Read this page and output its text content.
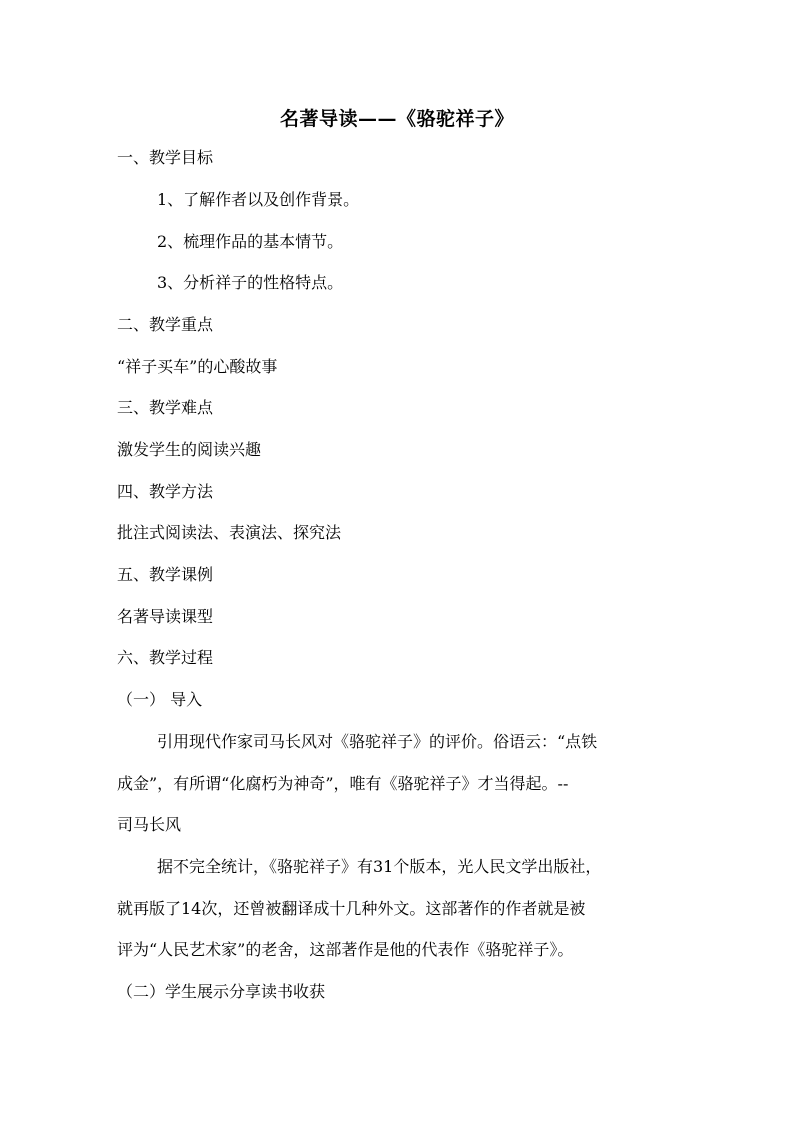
名著导读——《骆驼祥子》
一、教学目标
1、了解作者以及创作背景。
2、梳理作品的基本情节。
3、分析祥子的性格特点。
二、教学重点
“祥子买车”的心酸故事
三、教学难点
激发学生的阅读兴趣
四、教学方法
批注式阅读法、表演法、探究法
五、教学课例
名著导读课型
六、教学过程
（一） 导入
引用现代作家司马长风对《骆驼祥子》的评价。俗语云：“点铁
成金”，有所谓“化腐朽为神奇”，唯有《骆驼祥子》才当得起。--
司马长风
据不完全统计，《骆驼祥子》有31个版本，光人民文学出版社，
就再版了14次，还曾被翻译成十几种外文。这部著作的作者就是被
评为“人民艺术家”的老舍，这部著作是他的代表作《骆驼祥子》。
（二）学生展示分享读书收获
